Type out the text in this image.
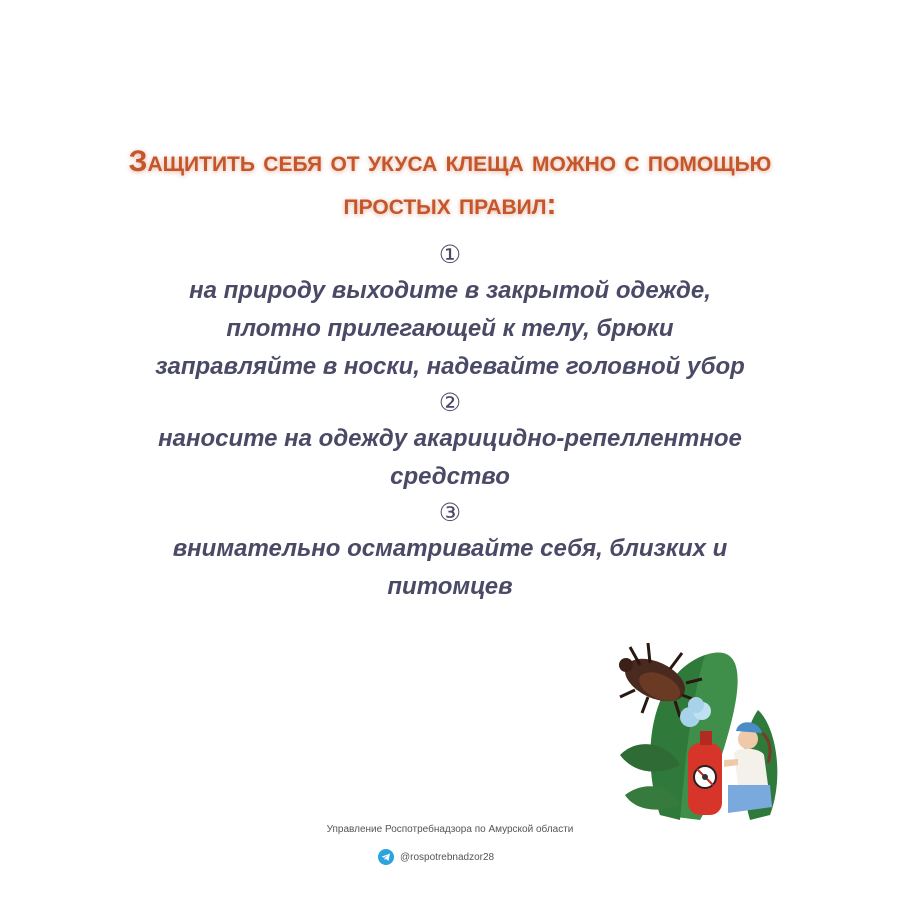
Защитить себя от укуса клеща можно с помощью простых правил:
①
на природу выходите в закрытой одежде, плотно прилегающей к телу, брюки заправляйте в носки, надевайте головной убор
②
наносите на одежду акарицидно-репеллентное средство
③
внимательно осматривайте себя, близких и питомцев
Управление Роспотребнадзора по Амурской области
@rospotrebnadzor28
